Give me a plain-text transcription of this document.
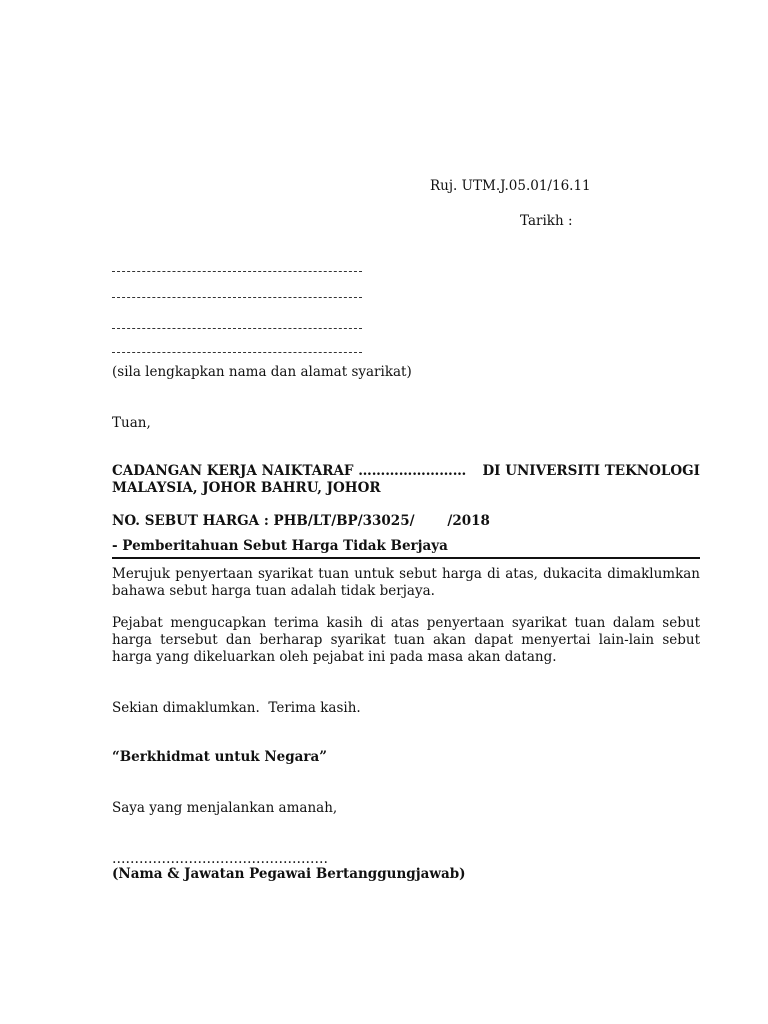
Ruj. UTM.J.05.01/16.11
Tarikh :
(sila lengkapkan nama dan alamat syarikat)
Tuan,
CADANGAN KERJA NAIKTARAF …………………… DI UNIVERSITI TEKNOLOGI
MALAYSIA, JOHOR BAHRU, JOHOR
NO. SEBUT HARGA : PHB/LT/BP/33025/       /2018
- Pemberitahuan Sebut Harga Tidak Berjaya
Merujuk penyertaan syarikat tuan untuk sebut harga di atas, dukacita dimaklumkan bahawa sebut harga tuan adalah tidak berjaya.
Pejabat mengucapkan terima kasih di atas penyertaan syarikat tuan dalam sebut harga tersebut dan berharap syarikat tuan akan dapat menyertai lain-lain sebut harga yang dikeluarkan oleh pejabat ini pada masa akan datang.
Sekian dimaklumkan.  Terima kasih.
“Berkhidmat untuk Negara”
Saya yang menjalankan amanah,
…………………………………………
(Nama & Jawatan Pegawai Bertanggungjawab)
